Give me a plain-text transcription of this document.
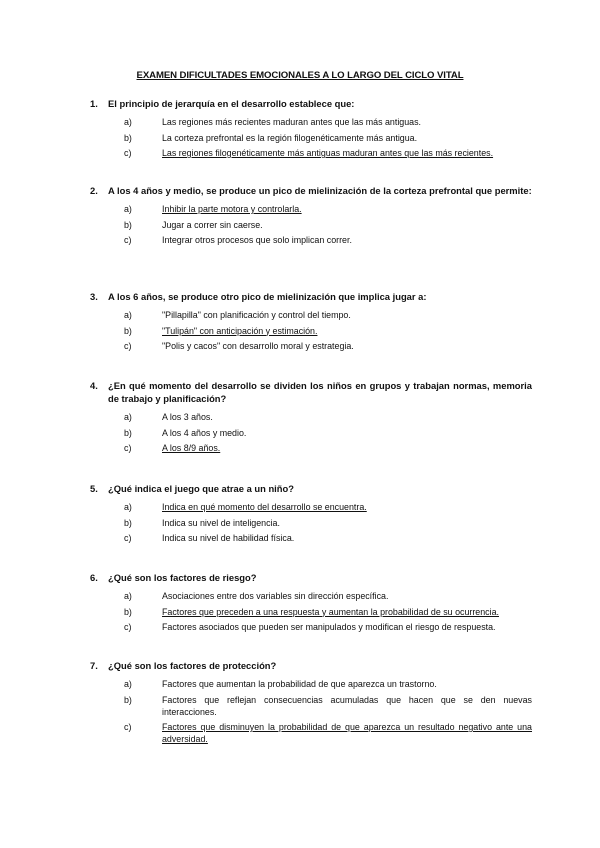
EXAMEN DIFICULTADES EMOCIONALES A LO LARGO DEL CICLO VITAL
1.	El principio de jerarquía en el desarrollo establece que:
a)	Las regiones más recientes maduran antes que las más antiguas.
b)	La corteza prefrontal es la región filogenéticamente más antigua.
c)	Las regiones filogenéticamente más antiguas maduran antes que las más recientes.
2.	A los 4 años y medio, se produce un pico de mielinización de la corteza prefrontal que permite:
a)	Inhibir la parte motora y controlarla.
b)	Jugar a correr sin caerse.
c)	Integrar otros procesos que solo implican correr.
3.	A los 6 años, se produce otro pico de mielinización que implica jugar a:
a)	"Pillapilla" con planificación y control del tiempo.
b)	"Tulipán" con anticipación y estimación.
c)	"Polis y cacos" con desarrollo moral y estrategia.
4.	¿En qué momento del desarrollo se dividen los niños en grupos y trabajan normas, memoria de trabajo y planificación?
a)	A los 3 años.
b)	A los 4 años y medio.
c)	A los 8/9 años.
5.	¿Qué indica el juego que atrae a un niño?
a)	Indica en qué momento del desarrollo se encuentra.
b)	Indica su nivel de inteligencia.
c)	Indica su nivel de habilidad física.
6.	¿Qué son los factores de riesgo?
a)	Asociaciones entre dos variables sin dirección específica.
b)	Factores que preceden a una respuesta y aumentan la probabilidad de su ocurrencia.
c)	Factores asociados que pueden ser manipulados y modifican el riesgo de respuesta.
7.	¿Qué son los factores de protección?
a)	Factores que aumentan la probabilidad de que aparezca un trastorno.
b)	Factores que reflejan consecuencias acumuladas que hacen que se den nuevas interacciones.
c)	Factores que disminuyen la probabilidad de que aparezca un resultado negativo ante una adversidad.
